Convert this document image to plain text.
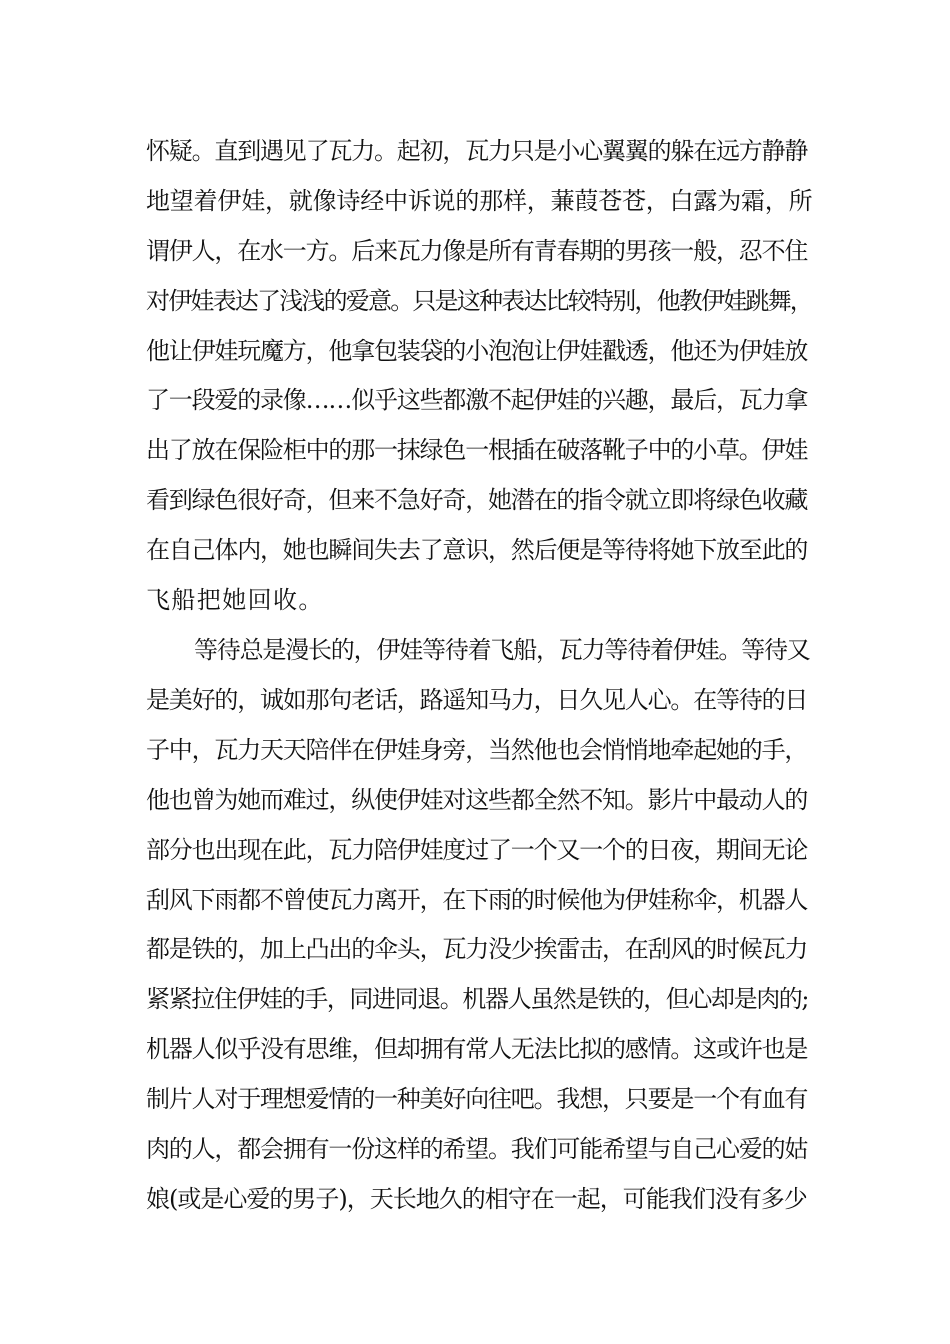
怀疑。直到遇见了瓦力。起初，瓦力只是小心翼翼的躲在远方静静
地望着伊娃，就像诗经中诉说的那样，蒹葭苍苍，白露为霜，所
谓伊人，在水一方。后来瓦力像是所有青春期的男孩一般，忍不住
对伊娃表达了浅浅的爱意。只是这种表达比较特别，他教伊娃跳舞，
他让伊娃玩魔方，他拿包装袋的小泡泡让伊娃戳透，他还为伊娃放
了一段爱的录像……似乎这些都激不起伊娃的兴趣，最后，瓦力拿
出了放在保险柜中的那一抹绿色一根插在破落靴子中的小草。伊娃
看到绿色很好奇，但来不急好奇，她潜在的指令就立即将绿色收藏
在自己体内，她也瞬间失去了意识，然后便是等待将她下放至此的
飞船把她回收。
等待总是漫长的，伊娃等待着飞船，瓦力等待着伊娃。等待又
是美好的，诚如那句老话，路遥知马力，日久见人心。在等待的日
子中，瓦力天天陪伴在伊娃身旁，当然他也会悄悄地牵起她的手，
他也曾为她而难过，纵使伊娃对这些都全然不知。影片中最动人的
部分也出现在此，瓦力陪伊娃度过了一个又一个的日夜，期间无论
刮风下雨都不曾使瓦力离开，在下雨的时候他为伊娃称伞，机器人
都是铁的，加上凸出的伞头，瓦力没少挨雷击，在刮风的时候瓦力
紧紧拉住伊娃的手，同进同退。机器人虽然是铁的，但心却是肉的;
机器人似乎没有思维，但却拥有常人无法比拟的感情。这或许也是
制片人对于理想爱情的一种美好向往吧。我想，只要是一个有血有
肉的人，都会拥有一份这样的希望。我们可能希望与自己心爱的姑
娘(或是心爱的男子)，天长地久的相守在一起，可能我们没有多少
